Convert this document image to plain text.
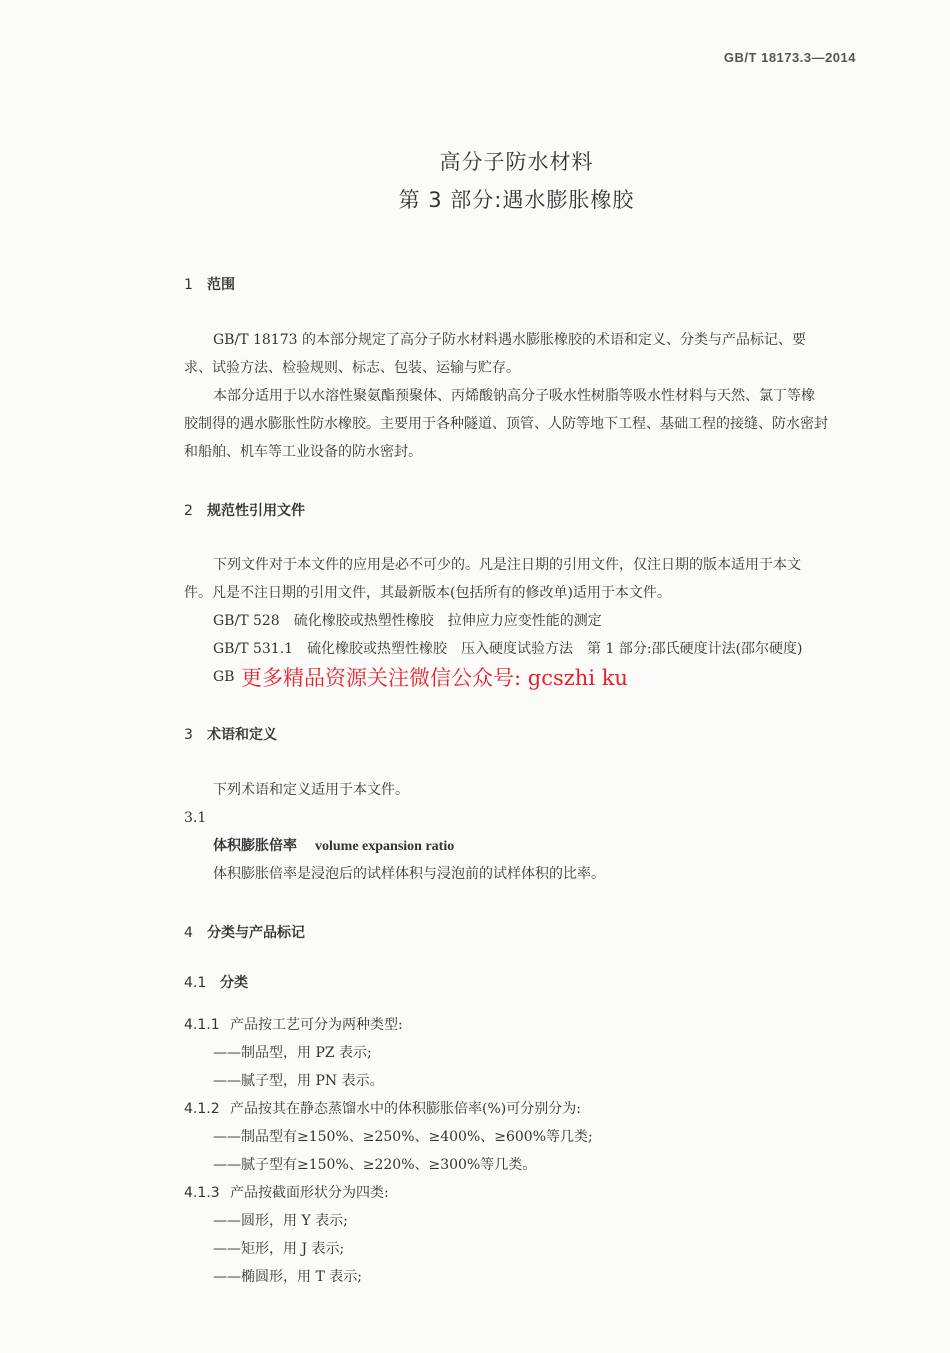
GB/T 18173.3—2014
高分子防水材料
第 3 部分:遇水膨胀橡胶
1 范围
GB/T 18173 的本部分规定了高分子防水材料遇水膨胀橡胶的术语和定义、分类与产品标记、要
求、试验方法、检验规则、标志、包装、运输与贮存。
本部分适用于以水溶性聚氨酯预聚体、丙烯酸钠高分子吸水性树脂等吸水性材料与天然、氯丁等橡
胶制得的遇水膨胀性防水橡胶。主要用于各种隧道、顶管、人防等地下工程、基础工程的接缝、防水密封
和船舶、机车等工业设备的防水密封。
2 规范性引用文件
下列文件对于本文件的应用是必不可少的。凡是注日期的引用文件，仅注日期的版本适用于本文
件。凡是不注日期的引用文件，其最新版本(包括所有的修改单)适用于本文件。
GB/T 528 硫化橡胶或热塑性橡胶　拉伸应力应变性能的测定
GB/T 531.1 硫化橡胶或热塑性橡胶　压入硬度试验方法　第 1 部分:邵氏硬度计法(邵尔硬度)
GB 更多精品资源关注微信公众号: gcszhi ku
3 术语和定义
下列术语和定义适用于本文件。
3.1
体积膨胀倍率 volume expansion ratio
体积膨胀倍率是浸泡后的试样体积与浸泡前的试样体积的比率。
4 分类与产品标记
4.1 分类
4.1.1 产品按工艺可分为两种类型:
——制品型，用 PZ 表示;
——腻子型，用 PN 表示。
4.1.2 产品按其在静态蒸馏水中的体积膨胀倍率(%)可分别分为:
——制品型有≥150%、≥250%、≥400%、≥600%等几类;
——腻子型有≥150%、≥220%、≥300%等几类。
4.1.3 产品按截面形状分为四类:
——圆形，用 Y 表示;
——矩形，用 J 表示;
——椭圆形，用 T 表示;
